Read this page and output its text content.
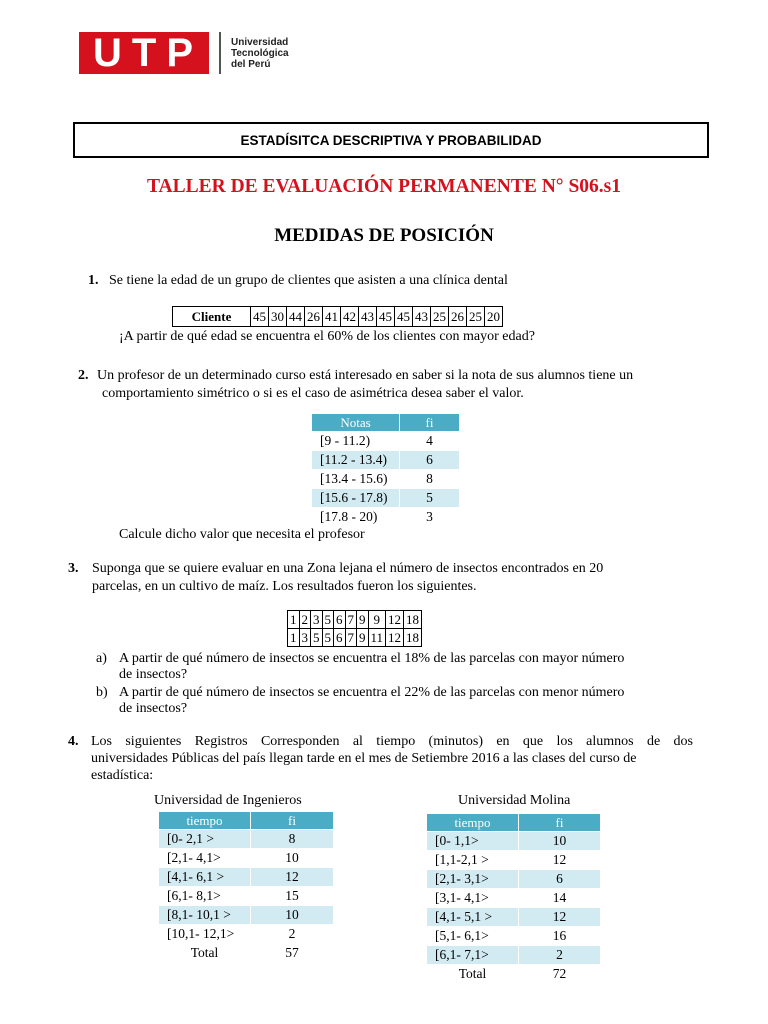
UTP	Universidad
Tecnológica
del Perú
ESTADÍSITCA DESCRIPTIVA Y PROBABILIDAD
TALLER DE EVALUACIÓN PERMANENTE N° S06.s1
MEDIDAS DE POSICIÓN
1. Se tiene la edad de un grupo de clientes que asisten a una clínica dental
Cliente	45	30	44	26	41	42	43	45	45	43	25	26	25	20
¡A partir de qué edad se encuentra el 60% de los clientes con mayor edad?
2. Un profesor de un determinado curso está interesado en saber si la nota de sus alumnos tiene un
comportamiento simétrico o si es el caso de asimétrica desea saber el valor.
Notas	fi
[9 - 11.2)	4
[11.2 - 13.4)	6
[13.4 - 15.6)	8
[15.6 - 17.8)	5
[17.8 - 20)	3
Calcule dicho valor que necesita el profesor
3. Suponga que se quiere evaluar en una Zona lejana el número de insectos encontrados en 20
parcelas, en un cultivo de maíz. Los resultados fueron los siguientes.
1	2	3	5	6	7	9	9	12	18
1	3	5	5	6	7	9	11	12	18
a) A partir de qué número de insectos se encuentra el 18% de las parcelas con mayor número
de insectos?
b) A partir de qué número de insectos se encuentra el 22% de las parcelas con menor número
de insectos?
4. Los siguientes Registros Corresponden al tiempo (minutos) en que los alumnos de dos
universidades Públicas del país llegan tarde en el mes de Setiembre 2016 a las clases del curso de
estadística:
Universidad de Ingenieros
tiempo	fi
[0- 2,1 >	8
[2,1- 4,1>	10
[4,1- 6,1 >	12
[6,1- 8,1>	15
[8,1- 10,1 >	10
[10,1- 12,1>	2
Total	57
Universidad Molina
tiempo	fi
[0- 1,1>	10
[1,1-2,1 >	12
[2,1- 3,1>	6
[3,1- 4,1>	14
[4,1- 5,1 >	12
[5,1- 6,1>	16
[6,1- 7,1>	2
Total	72
